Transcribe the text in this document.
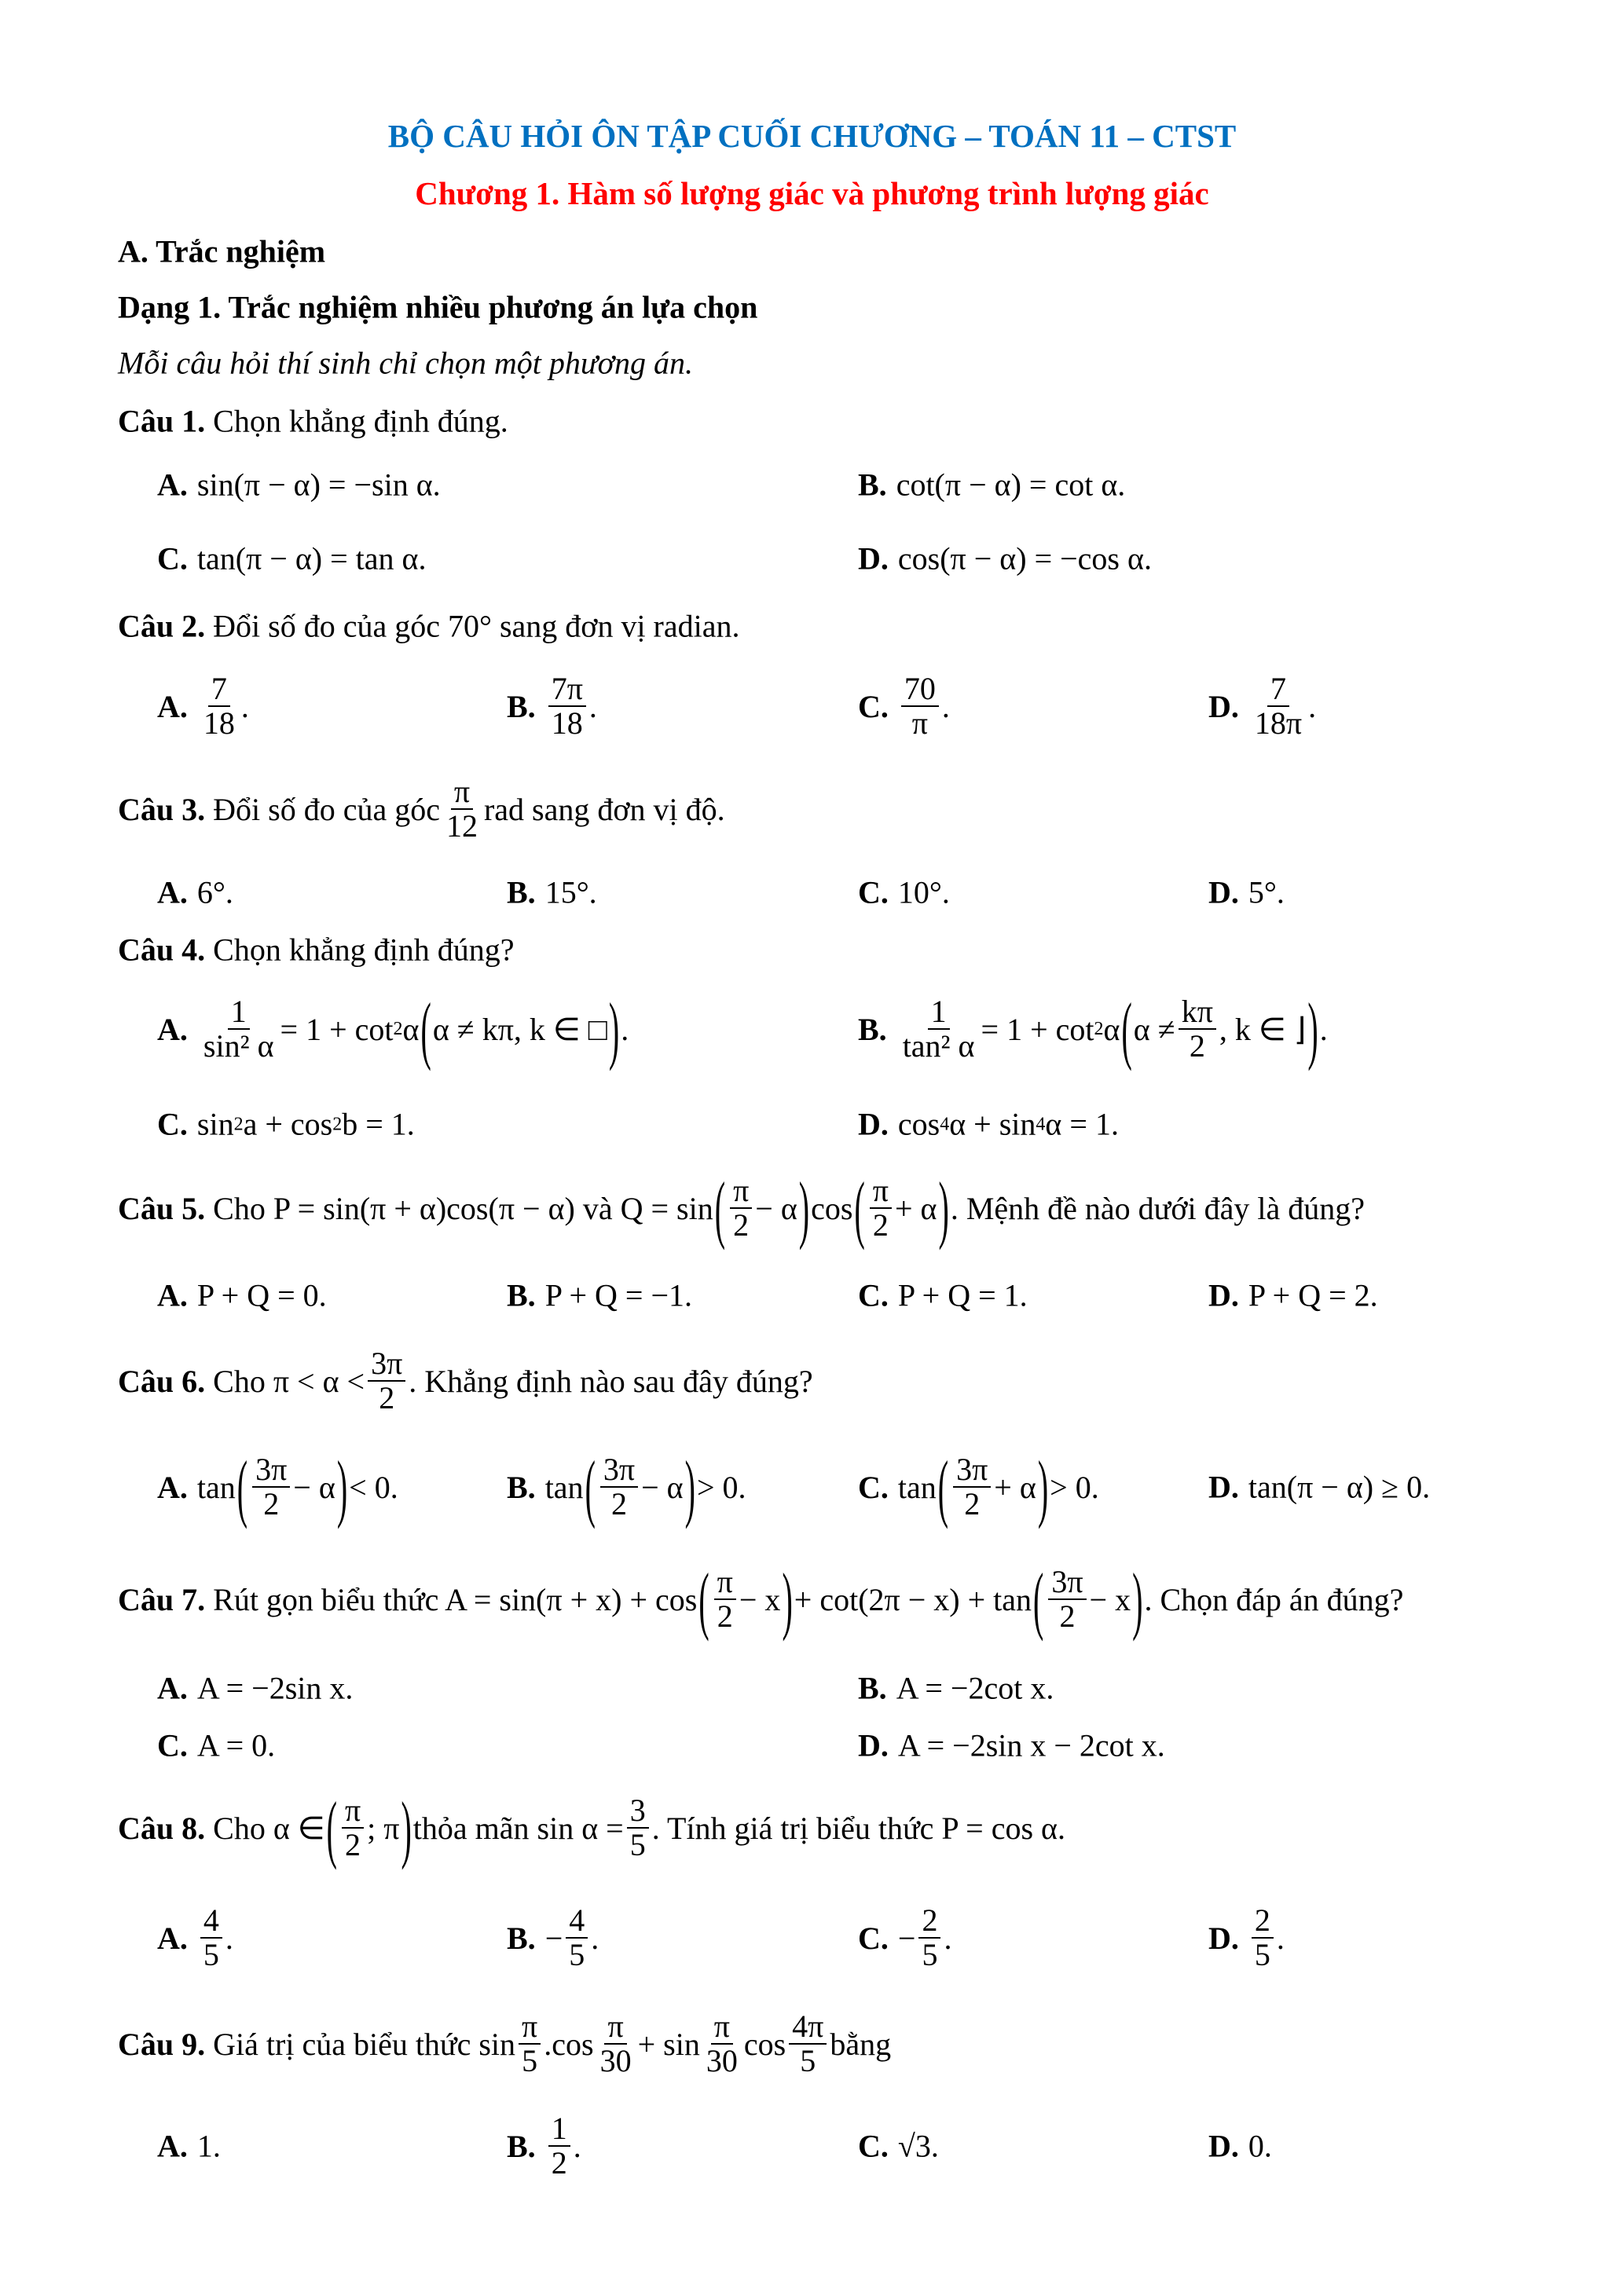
BỘ CÂU HỎI ÔN TẬP CUỐI CHƯƠNG – TOÁN 11 – CTST
Chương 1. Hàm số lượng giác và phương trình lượng giác
A. Trắc nghiệm
Dạng 1. Trắc nghiệm nhiều phương án lựa chọn
Mỗi câu hỏi thí sinh chỉ chọn một phương án.
Câu 1. Chọn khẳng định đúng.
A. sin(π − α) = −sin α.	B. cot(π − α) = cot α.
C. tan(π − α) = tan α.	D. cos(π − α) = −cos α.
Câu 2. Đổi số đo của góc 70° sang đơn vị radian.
A. $\frac{7}{18}$ .	B. $\frac{7\pi}{18}$ .	C. $\frac{70}{\pi}$ .	D. $\frac{7}{18\pi}$ .
Câu 3. Đổi số đo của góc $\frac{\pi}{12}$ rad sang đơn vị độ.
A. 6°.	B. 15°.	C. 10°.	D. 5°.
Câu 4. Chọn khẳng định đúng?
A. $\frac{1}{\text{sin² α}} = 1 + \cot 2$ α ( α ≠ kπ, k ∈ □ ) .	B. $\frac{1}{\text{tan² α}} = 1 + \cot 2$ α ( $\alpha \ne \frac{k\pi}{2}$ , k ∈ ⌋ ) .
C. sin 2 a + cos 2 b = 1.	D. cos 4 α + sin 4 α = 1.
Câu 5. Cho P = sin(π + α)cos(π − α) và Q = sin ( $\frac{\pi}{2} - \alpha$ ) cos ( $\frac{\pi}{2} + \alpha$ ) . Mệnh đề nào dưới đây là đúng?
A. P + Q = 0.	B. P + Q = −1.	C. P + Q = 1.	D. P + Q = 2.
Câu 6. Cho $\pi < \alpha < \frac{3\pi}{2}$ . Khẳng định nào sau đây đúng?
A. tan ( $\frac{3\pi}{2} - \alpha$ ) < 0.	B. tan ( $\frac{3\pi}{2} - \alpha$ ) > 0.	C. tan ( $\frac{3\pi}{2} + \alpha$ ) > 0.	D. tan(π − α) ≥ 0.
Câu 7. Rút gọn biểu thức A = sin(π + x) + cos ( $\frac{\pi}{2} - x$ ) + cot(2π − x) + tan ( $\frac{3\pi}{2} - x$ ) . Chọn đáp án đúng?
A. A = −2sin x.	B. A = −2cot x.
C. A = 0.	D. A = −2sin x − 2cot x.
Câu 8. Cho α ∈ ( $\frac{\pi}{2}$ ; π ) thỏa mãn $\sin \alpha = \frac{3}{5}$ . Tính giá trị biểu thức P = cos α.
A. $\frac{4}{5}$ .	B. − $\frac{4}{5}$ .	C. − $\frac{2}{5}$ .	D. $\frac{2}{5}$ .
Câu 9. Giá trị của biểu thức $\sin \frac{\pi}{5} .\cos \frac{\pi}{30} + \sin \frac{\pi}{30}$ $\cos \frac{4\pi}{5}$ bằng
A. 1.	B. $\frac{1}{2}$ .	C. √3.	D. 0.
